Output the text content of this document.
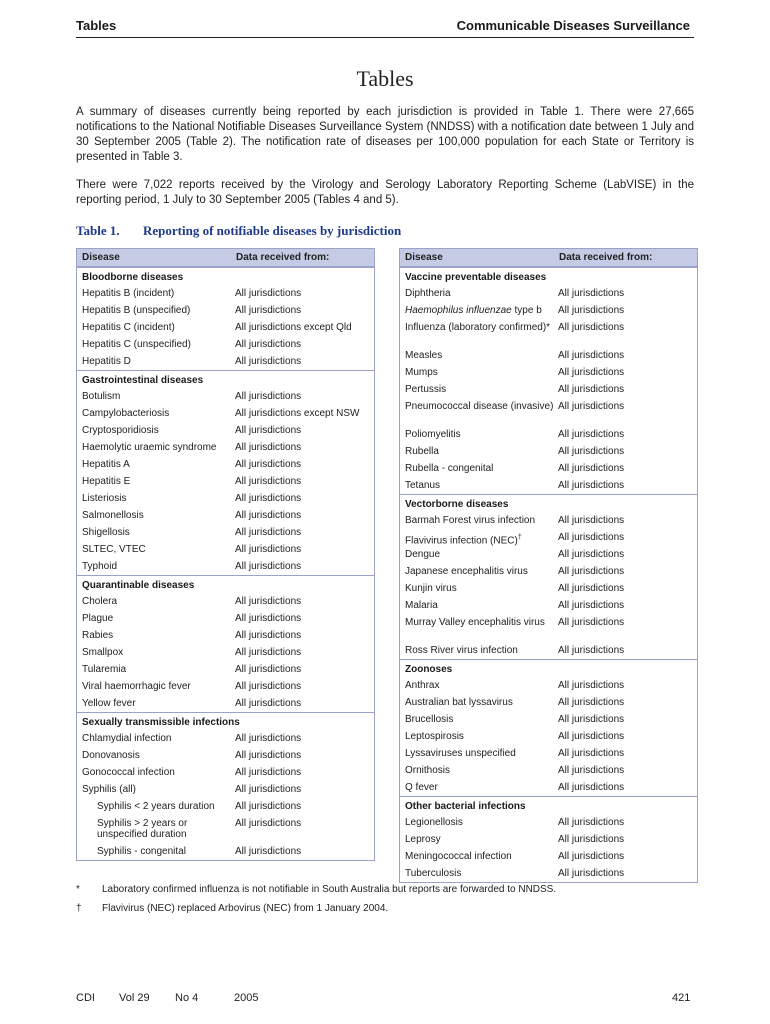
Tables	Communicable Diseases Surveillance
Tables

A summary of diseases currently being reported by each jurisdiction is provided in Table 1. There were 27,665 notifications to the National Notifiable Diseases Surveillance System (NNDSS) with a notification date between 1 July and 30 September 2005 (Table 2). The notification rate of diseases per 100,000 population for each State or Territory is presented in Table 3.

There were 7,022 reports received by the Virology and Serology Laboratory Reporting Scheme (LabVISE) in the reporting period, 1 July to 30 September 2005 (Tables 4 and 5).

Table 1. Reporting of notifiable diseases by jurisdiction
Disease	Data received from:
Bloodborne diseases
Hepatitis B (incident)	All jurisdictions
Hepatitis B (unspecified)	All jurisdictions
Hepatitis C (incident)	All jurisdictions except Qld
Hepatitis C (unspecified)	All jurisdictions
Hepatitis D	All jurisdictions
Gastrointestinal diseases
Botulism	All jurisdictions
Campylobacteriosis	All jurisdictions except NSW
Cryptosporidiosis	All jurisdictions
Haemolytic uraemic syndrome	All jurisdictions
Hepatitis A	All jurisdictions
Hepatitis E	All jurisdictions
Listeriosis	All jurisdictions
Salmonellosis	All jurisdictions
Shigellosis	All jurisdictions
SLTEC, VTEC	All jurisdictions
Typhoid	All jurisdictions
Quarantinable diseases
Cholera	All jurisdictions
Plague	All jurisdictions
Rabies	All jurisdictions
Smallpox	All jurisdictions
Tularemia	All jurisdictions
Viral haemorrhagic fever	All jurisdictions
Yellow fever	All jurisdictions
Sexually transmissible infections
Chlamydial infection	All jurisdictions
Donovanosis	All jurisdictions
Gonococcal infection	All jurisdictions
Syphilis (all)	All jurisdictions
Syphilis < 2 years duration	All jurisdictions
Syphilis > 2 years or unspecified duration
All jurisdictions
Syphilis - congenital	All jurisdictions
Disease	Data received from:
Vaccine preventable diseases
Diphtheria	All jurisdictions
Haemophilus influenzae type b	All jurisdictions
Influenza (laboratory confirmed)* All jurisdictions
Measles	All jurisdictions
Mumps	All jurisdictions
Pertussis	All jurisdictions
Pneumococcal disease (invasive) All jurisdictions
Poliomyelitis	All jurisdictions
Rubella	All jurisdictions
Rubella - congenital	All jurisdictions
Tetanus	All jurisdictions
Vectorborne diseases
Barmah Forest virus infection	All jurisdictions
Flavivirus infection (NEC)†	All jurisdictions
Dengue	All jurisdictions
Japanese encephalitis virus	All jurisdictions
Kunjin virus	All jurisdictions
Malaria	All jurisdictions
Murray Valley encephalitis virus	All jurisdictions
Ross River virus infection	All jurisdictions
Zoonoses
Anthrax	All jurisdictions
Australian bat lyssavirus	All jurisdictions
Brucellosis	All jurisdictions
Leptospirosis	All jurisdictions
Lyssaviruses unspecified	All jurisdictions
Ornithosis	All jurisdictions
Q fever	All jurisdictions
Other bacterial infections
Legionellosis	All jurisdictions
Leprosy	All jurisdictions
Meningococcal infection	All jurisdictions
Tuberculosis	All jurisdictions
* Laboratory confirmed influenza is not notifiable in South Australia but reports are forwarded to NNDSS.
† Flavivirus (NEC) replaced Arbovirus (NEC) from 1 January 2004.
CDI Vol 29 No 4	2005	421
